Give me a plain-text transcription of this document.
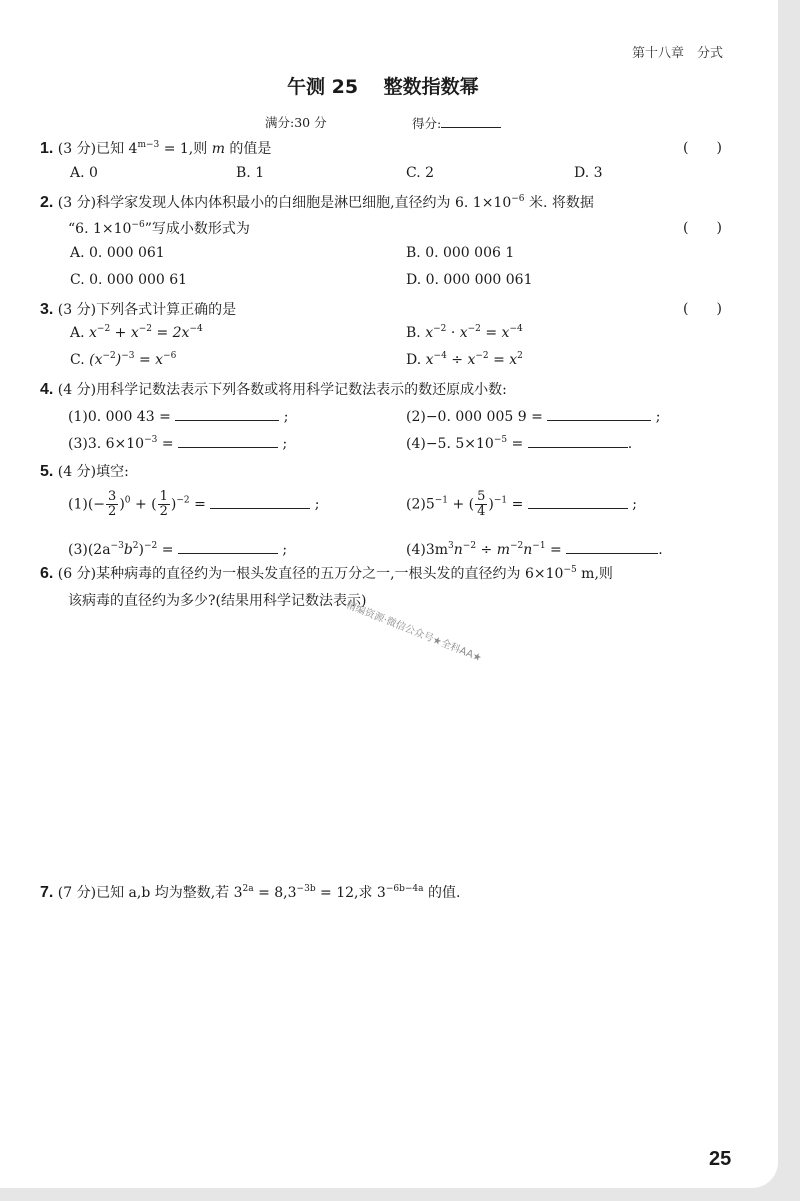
第十八章　分式
午测 25　 整数指数幂
满分:30 分	得分:
1. (3 分)已知 $4^{m-3} = 1$,则 m 的值是	(　　)
A. 0	B. 1	C. 2	D. 3
2. (3 分)科学家发现人体内体积最小的白细胞是淋巴细胞,直径约为 6. $1\times 10^{-6}$ 米. 将数据
“6. $1\times 10^{-6}$”写成小数形式为	(　　)
A. 0. 000 061	B. 0. 000 006 1
C. 0. 000 000 61	D. 0. 000 000 061
3. (3 分)下列各式计算正确的是	(　　)
A. $x^{-2} + x^{-2} = 2x^{-4}$	B. $x^{-2} \cdot x^{-2} = x^{-4}$
C. $(x^{-2})^{-3} = x^{-6}$	D. $x^{-4} \div x^{-2} = x^2$
4. (4 分)用科学记数法表示下列各数或将用科学记数法表示的数还原成小数:
(1)0. 000 43 =	;	(2)−0. 000 005 9 =	;
(3)3. $6\times 10^{-3}$ =	;	(4)−5. $5\times 10^{-5}$ =	.
5. (4 分)填空:
$(1)(- \frac{3}{2} )^0$ + ( $\frac{1}{2} )^{-2}$ =	;	$(2)5^{-1}$ + ( $\frac{5}{4} )^{-1}$ =	;
$(3)(2a^{-3}b^2)^{-2}$ =	;	$(4)3m^3n^{-2} \div m^{-2}n^{-1}$ =	.
6. (6 分)某种病毒的直径约为一根头发直径的五万分之一,一根头发的直径约为 $6\times 10^{-5}$ m,则
该病毒的直径约为多少?(结果用科学记数法表示)
精编资源·微信公众号★全科AA★
7. (7 分)已知 a,b 均为整数,若 $3^{2a} = 8,3^{-3b} = 12$,求 $3^{-6b-4a}$ 的值.
25
